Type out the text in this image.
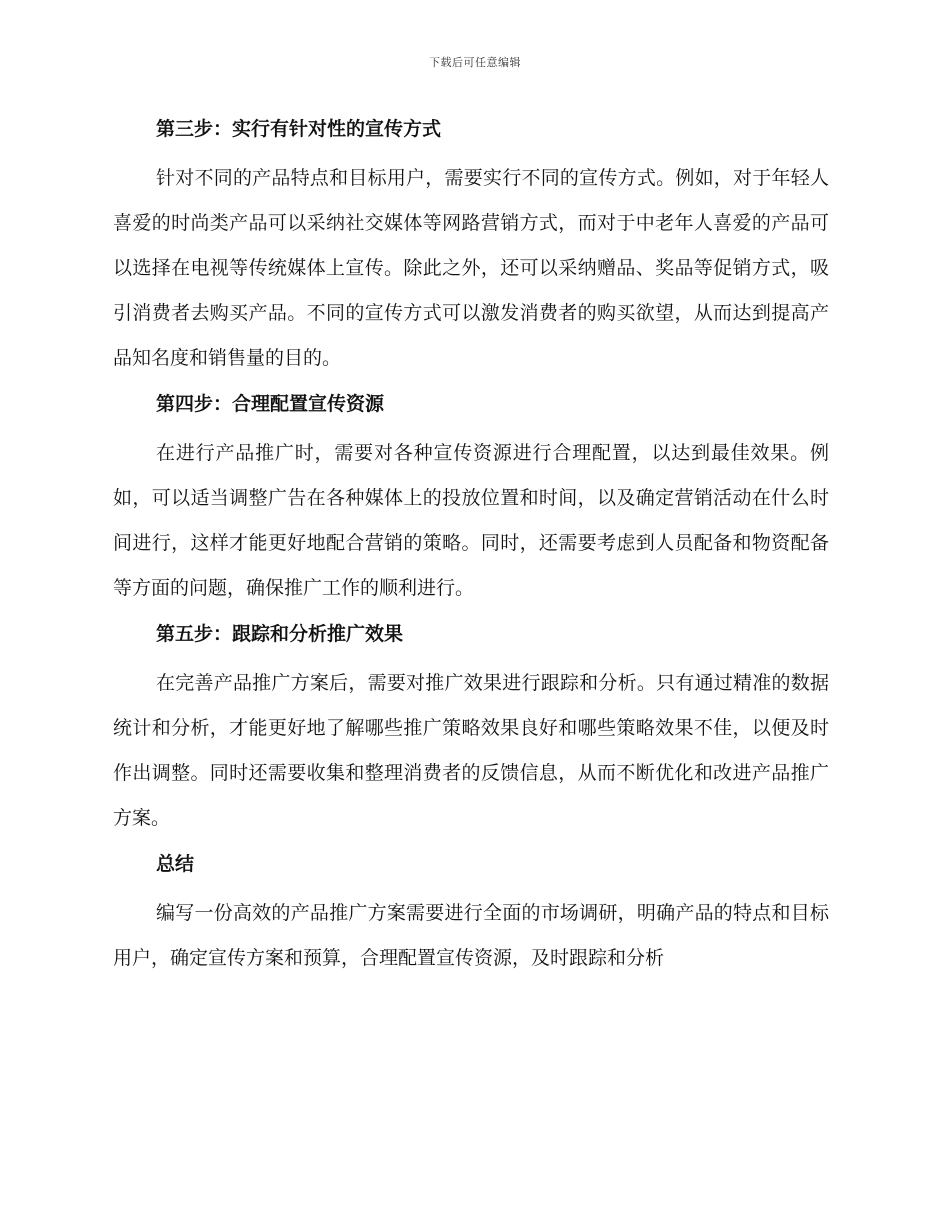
下载后可任意编辑
第三步：实行有针对性的宣传方式

针对不同的产品特点和目标用户，需要实行不同的宣传方式。例如，对于年轻人喜爱的时尚类产品可以采纳社交媒体等网路营销方式，而对于中老年人喜爱的产品可以选择在电视等传统媒体上宣传。除此之外，还可以采纳赠品、奖品等促销方式，吸引消费者去购买产品。不同的宣传方式可以激发消费者的购买欲望，从而达到提高产品知名度和销售量的目的。

第四步：合理配置宣传资源

在进行产品推广时，需要对各种宣传资源进行合理配置，以达到最佳效果。例如，可以适当调整广告在各种媒体上的投放位置和时间，以及确定营销活动在什么时间进行，这样才能更好地配合营销的策略。同时，还需要考虑到人员配备和物资配备等方面的问题，确保推广工作的顺利进行。

第五步：跟踪和分析推广效果

在完善产品推广方案后，需要对推广效果进行跟踪和分析。只有通过精准的数据统计和分析，才能更好地了解哪些推广策略效果良好和哪些策略效果不佳，以便及时作出调整。同时还需要收集和整理消费者的反馈信息，从而不断优化和改进产品推广方案。

总结

编写一份高效的产品推广方案需要进行全面的市场调研，明确产品的特点和目标用户，确定宣传方案和预算，合理配置宣传资源，及时跟踪和分析
